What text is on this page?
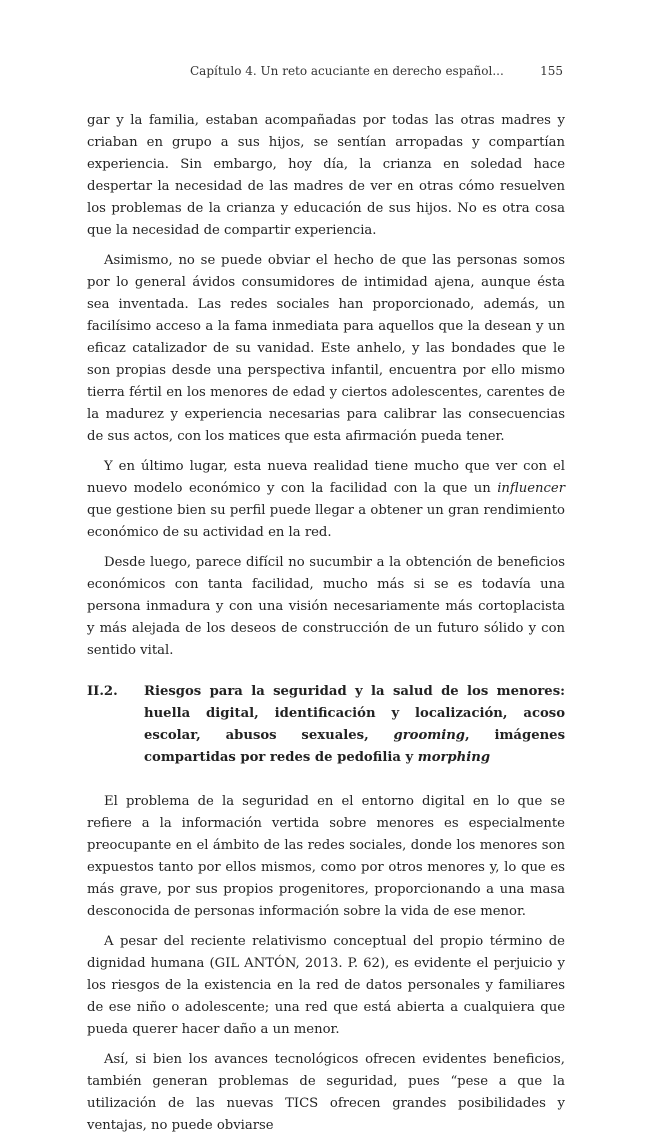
Capítulo 4. Un reto acuciante en derecho español...	155

gar y la familia, estaban acompañadas por todas las otras madres y criaban en grupo a sus hijos, se sentían arropadas y compartían experiencia. Sin embargo, hoy día, la crianza en soledad hace despertar la necesidad de las madres de ver en otras cómo resuelven los problemas de la crianza y educación de sus hijos. No es otra cosa que la necesidad de compartir experiencia.

Asimismo, no se puede obviar el hecho de que las personas somos por lo general ávidos consumidores de intimidad ajena, aunque ésta sea inventada. Las redes sociales han proporcionado, además, un facilísimo acceso a la fama inmediata para aquellos que la desean y un eficaz catalizador de su vanidad. Este anhelo, y las bondades que le son propias desde una perspectiva infantil, encuentra por ello mismo tierra fértil en los menores de edad y ciertos adolescentes, carentes de la madurez y experiencia necesarias para calibrar las consecuencias de sus actos, con los matices que esta afirmación pueda tener.

Y en último lugar, esta nueva realidad tiene mucho que ver con el nuevo modelo económico y con la facilidad con la que un influencer que gestione bien su perfil puede llegar a obtener un gran rendimiento económico de su actividad en la red.

Desde luego, parece difícil no sucumbir a la obtención de beneficios económicos con tanta facilidad, mucho más si se es todavía una persona inmadura y con una visión necesariamente más cortoplacista y más alejada de los deseos de construcción de un futuro sólido y con sentido vital.

II.2.	Riesgos para la seguridad y la salud de los menores: huella digital, identificación y localización, acoso escolar, abusos sexuales, grooming, imágenes compartidas por redes de pedofilia y morphing

El problema de la seguridad en el entorno digital en lo que se refiere a la información vertida sobre menores es especialmente preocupante en el ámbito de las redes sociales, donde los menores son expuestos tanto por ellos mismos, como por otros menores y, lo que es más grave, por sus propios progenitores, proporcionando a una masa desconocida de personas información sobre la vida de ese menor.

A pesar del reciente relativismo conceptual del propio término de dignidad humana (GIL ANTÓN, 2013. P. 62), es evidente el perjuicio y los riesgos de la existencia en la red de datos personales y familiares de ese niño o adolescente; una red que está abierta a cualquiera que pueda querer hacer daño a un menor.

Así, si bien los avances tecnológicos ofrecen evidentes beneficios, también generan problemas de seguridad, pues “pese a que la utilización de las nuevas TICS ofrecen grandes posibilidades y ventajas, no puede obviarse
